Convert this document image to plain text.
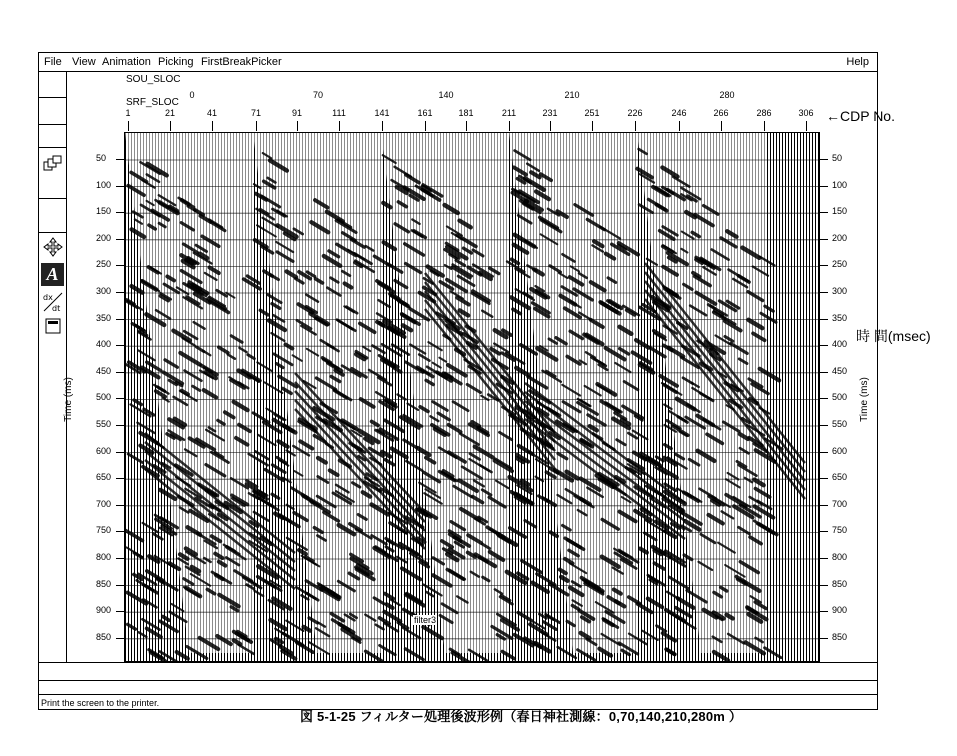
File View Animation Picking FirstBreakPicker	Help
A
dx
dt
SOU_SLOC
SRF_SLOC
0	70	140	210	280
1	21	41	71	91	111	141	161	181	211	231	251	226	246	266	286	306 ←CDP No.
Time (ms)	Time (ms)
50
100
150
200
250
300
350
400
450
500
550
600
650
700
750
800
850
900
850
50
100
150
200
250
300
350
400
450
500
550
600
650
700
750
800
850
900
850
時 間(msec)
filter3
Print the screen to the printer.
図 5-1-25 フィルター処理後波形例（春日神社測線：0,70,140,210,280m ）
